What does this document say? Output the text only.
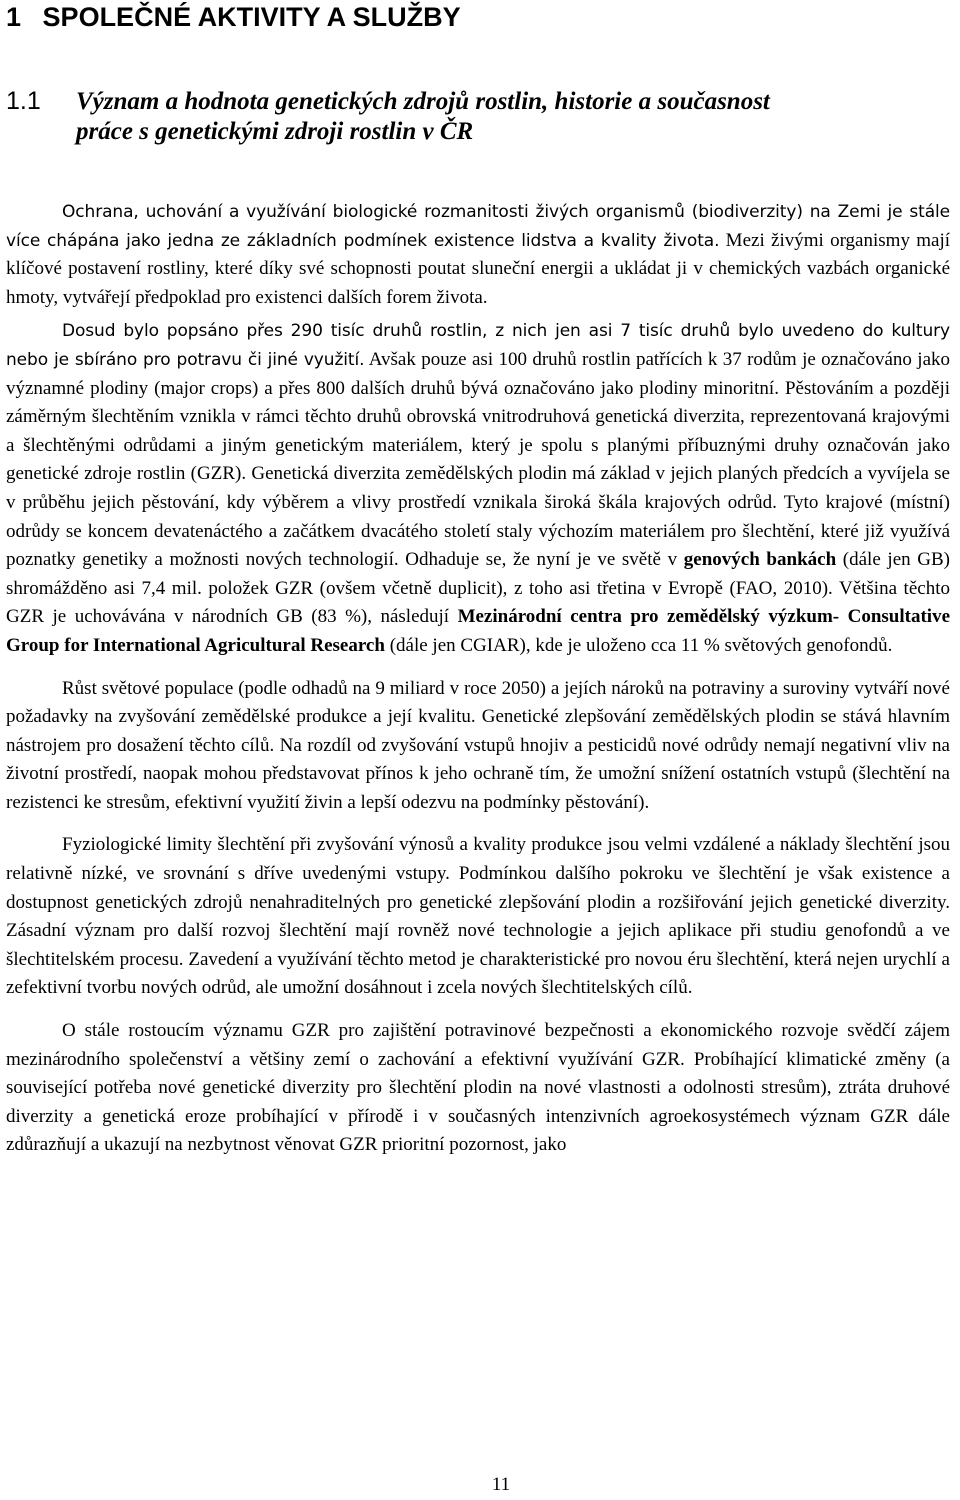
1 SPOLEČNÉ AKTIVITY A SLUŽBY
1.1 Význam a hodnota genetických zdrojů rostlin, historie a současnost
práce s genetickými zdroji rostlin v ČR

Ochrana, uchování a využívání biologické rozmanitosti živých organismů (biodiverzity) na Zemi je stále více chápána jako jedna ze základních podmínek existence lidstva a kvality života. Mezi živými organismy mají klíčové postavení rostliny, které díky své schopnosti poutat sluneční energii a ukládat ji v chemických vazbách organické hmoty, vytvářejí předpoklad pro existenci dalších forem života.

Dosud bylo popsáno přes 290 tisíc druhů rostlin, z nich jen asi 7 tisíc druhů bylo uvedeno do kultury nebo je sbíráno pro potravu či jiné využití. Avšak pouze asi 100 druhů rostlin patřících k 37 rodům je označováno jako významné plodiny (major crops) a přes 800 dalších druhů bývá označováno jako plodiny minoritní. Pěstováním a později záměrným šlechtěním vznikla v rámci těchto druhů obrovská vnitrodruhová genetická diverzita, reprezentovaná krajovými a šlechtěnými odrůdami a jiným genetickým materiálem, který je spolu s planými příbuznými druhy označován jako genetické zdroje rostlin (GZR). Genetická diverzita zemědělských plodin má základ v jejich planých předcích a vyvíjela se v průběhu jejich pěstování, kdy výběrem a vlivy prostředí vznikala široká škála krajových odrůd. Tyto krajové (místní) odrůdy se koncem devatenáctého a začátkem dvacátého století staly výchozím materiálem pro šlechtění, které již využívá poznatky genetiky a možnosti nových technologií. Odhaduje se, že nyní je ve světě v genových bankách (dále jen GB) shromážděno asi 7,4 mil. položek GZR (ovšem včetně duplicit), z toho asi třetina v Evropě (FAO, 2010). Většina těchto GZR je uchovávána v národních GB (83 %), následují Mezinárodní centra pro zemědělský výzkum- Consultative Group for International Agricultural Research (dále jen CGIAR), kde je uloženo cca 11 % světových genofondů.

Růst světové populace (podle odhadů na 9 miliard v roce 2050) a jejích nároků na potraviny a suroviny vytváří nové požadavky na zvyšování zemědělské produkce a její kvalitu. Genetické zlepšování zemědělských plodin se stává hlavním nástrojem pro dosažení těchto cílů. Na rozdíl od zvyšování vstupů hnojiv a pesticidů nové odrůdy nemají negativní vliv na životní prostředí, naopak mohou představovat přínos k jeho ochraně tím, že umožní snížení ostatních vstupů (šlechtění na rezistenci ke stresům, efektivní využití živin a lepší odezvu na podmínky pěstování).

Fyziologické limity šlechtění při zvyšování výnosů a kvality produkce jsou velmi vzdálené a náklady šlechtění jsou relativně nízké, ve srovnání s dříve uvedenými vstupy. Podmínkou dalšího pokroku ve šlechtění je však existence a dostupnost genetických zdrojů nenahraditelných pro genetické zlepšování plodin a rozšiřování jejich genetické diverzity. Zásadní význam pro další rozvoj šlechtění mají rovněž nové technologie a jejich aplikace při studiu genofondů a ve šlechtitelském procesu. Zavedení a využívání těchto metod je charakteristické pro novou éru šlechtění, která nejen urychlí a zefektivní tvorbu nových odrůd, ale umožní dosáhnout i zcela nových šlechtitelských cílů.

O stále rostoucím významu GZR pro zajištění potravinové bezpečnosti a ekonomického rozvoje svědčí zájem mezinárodního společenství a většiny zemí o zachování a efektivní využívání GZR. Probíhající klimatické změny (a související potřeba nové genetické diverzity pro šlechtění plodin na nové vlastnosti a odolnosti stresům), ztráta druhové diverzity a genetická eroze probíhající v přírodě i v současných intenzivních agroekosystémech význam GZR dále zdůrazňují a ukazují na nezbytnost věnovat GZR prioritní pozornost, jako

11
